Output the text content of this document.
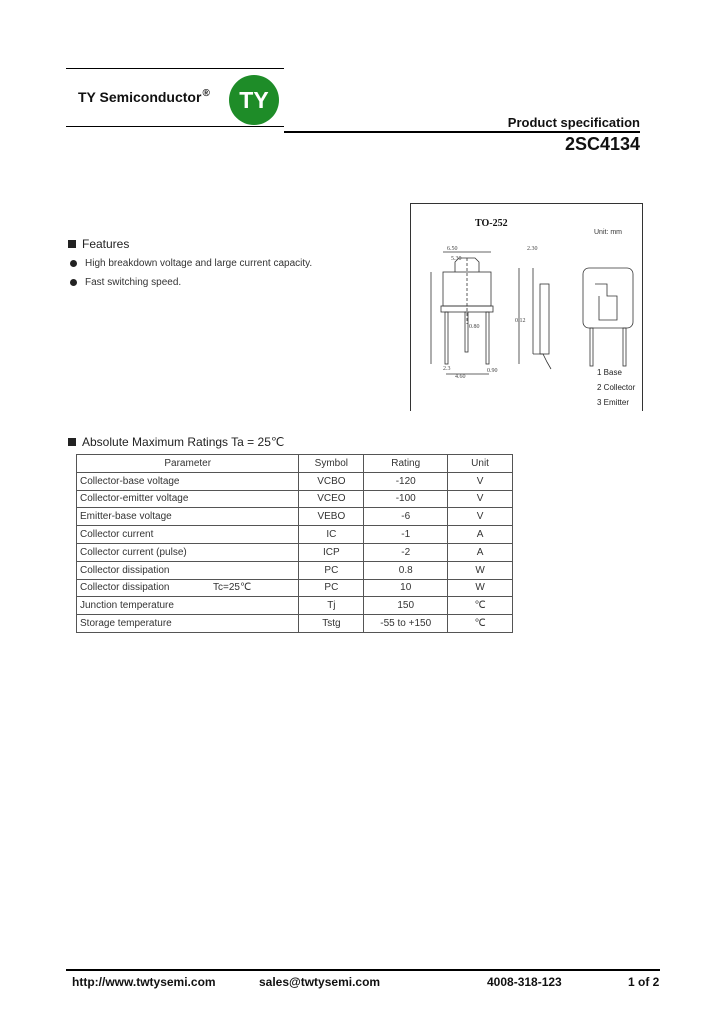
TY Semiconductor®	TY
Product specification
2SC4134
Features
High breakdown voltage and large current capacity.
Fast switching speed.
6.50
5.30
2.30
0.12
0.80
4.60
0.90
2.3
TO-252
Unit: mm
1 Base
2 Collector
3 Emitter
Absolute Maximum Ratings Ta = 25℃
Parameter	Symbol	Rating	Unit
Collector-base voltage	VCBO	-120	V
Collector-emitter voltage	VCEO	-100	V
Emitter-base voltage	VEBO	-6	V
Collector current	IC	-1	A
Collector current (pulse)	ICP	-2	A
Collector dissipation	PC	0.8	W
Collector dissipation Tc=25℃	PC	10	W
Junction temperature	Tj	150	℃
Storage temperature	Tstg	-55 to +150	℃
http://www.twtysemi.com	sales@twtysemi.com	4008-318-123	1 of 2
